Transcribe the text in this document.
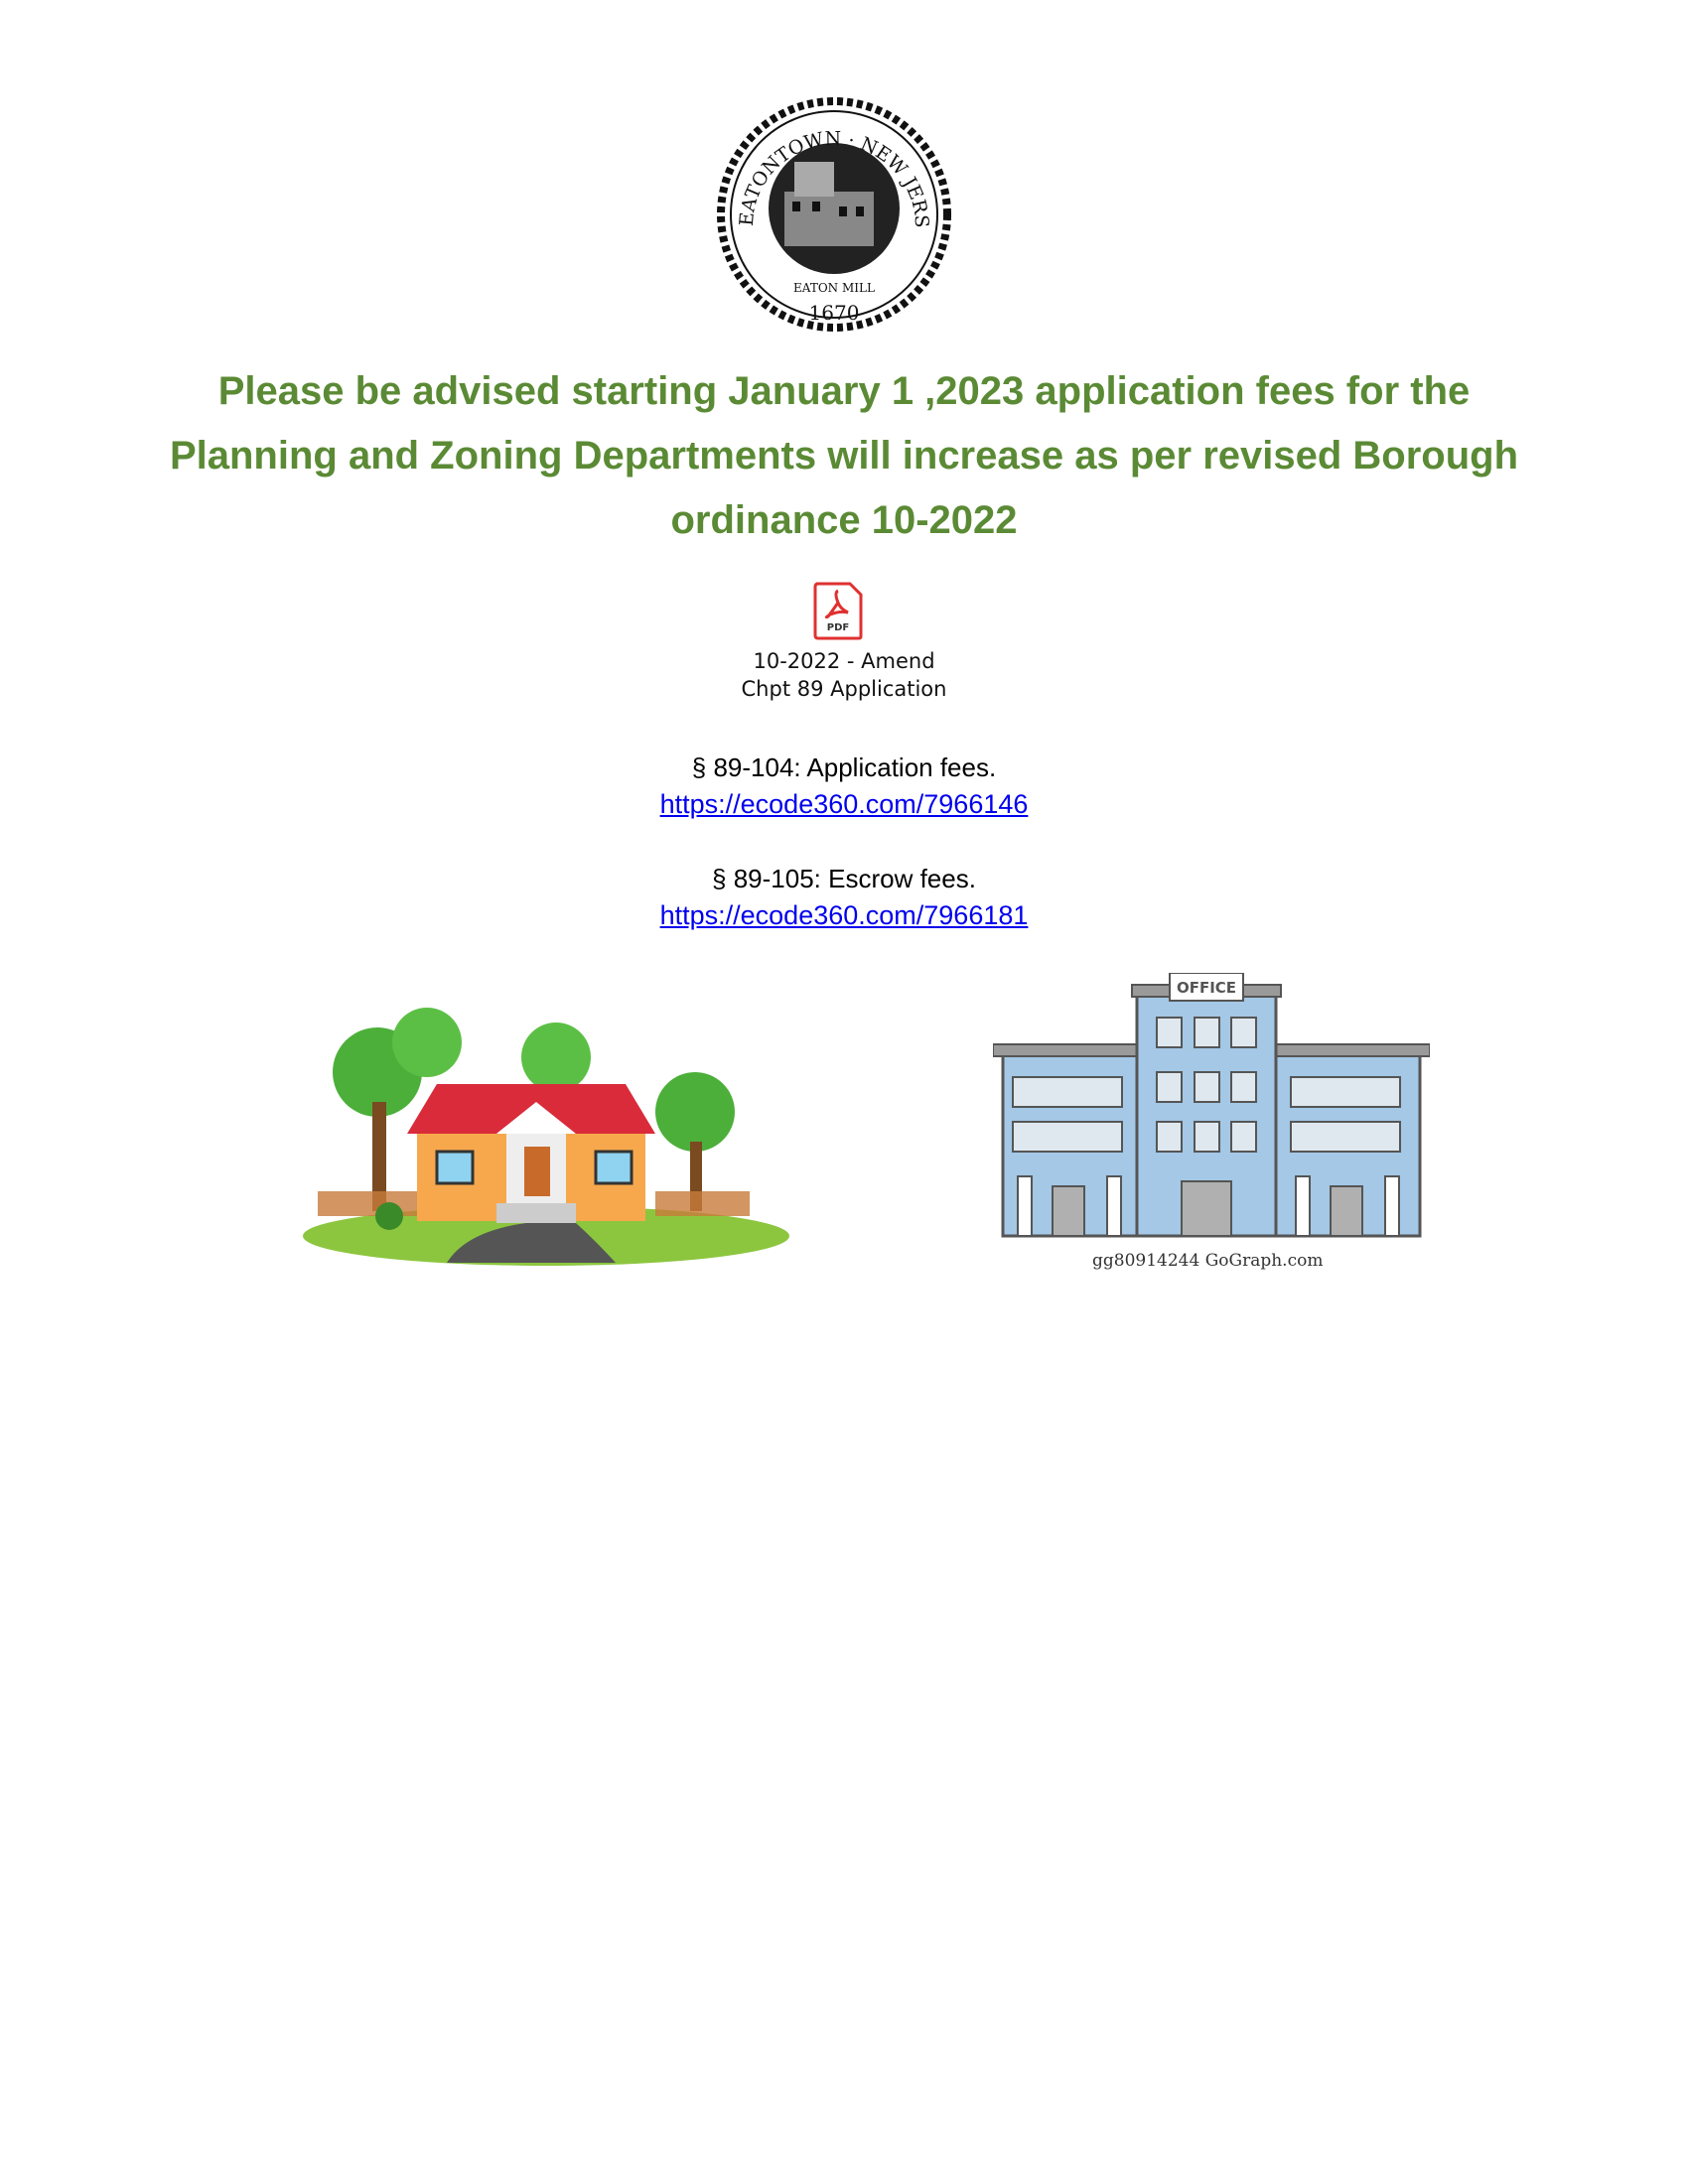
EATONTOWN · NEW JERS
EATON MILL
1670
Please be advised starting January 1 ,2023 application fees for the
Planning and Zoning Departments will increase as per revised Borough
ordinance 10-2022
PDF
10-2022 - Amend
Chpt 89 Application
§ 89-104: Application fees.
https://ecode360.com/7966146
§ 89-105: Escrow fees.
https://ecode360.com/7966181
OFFICE
gg80914244 GoGraph.com
